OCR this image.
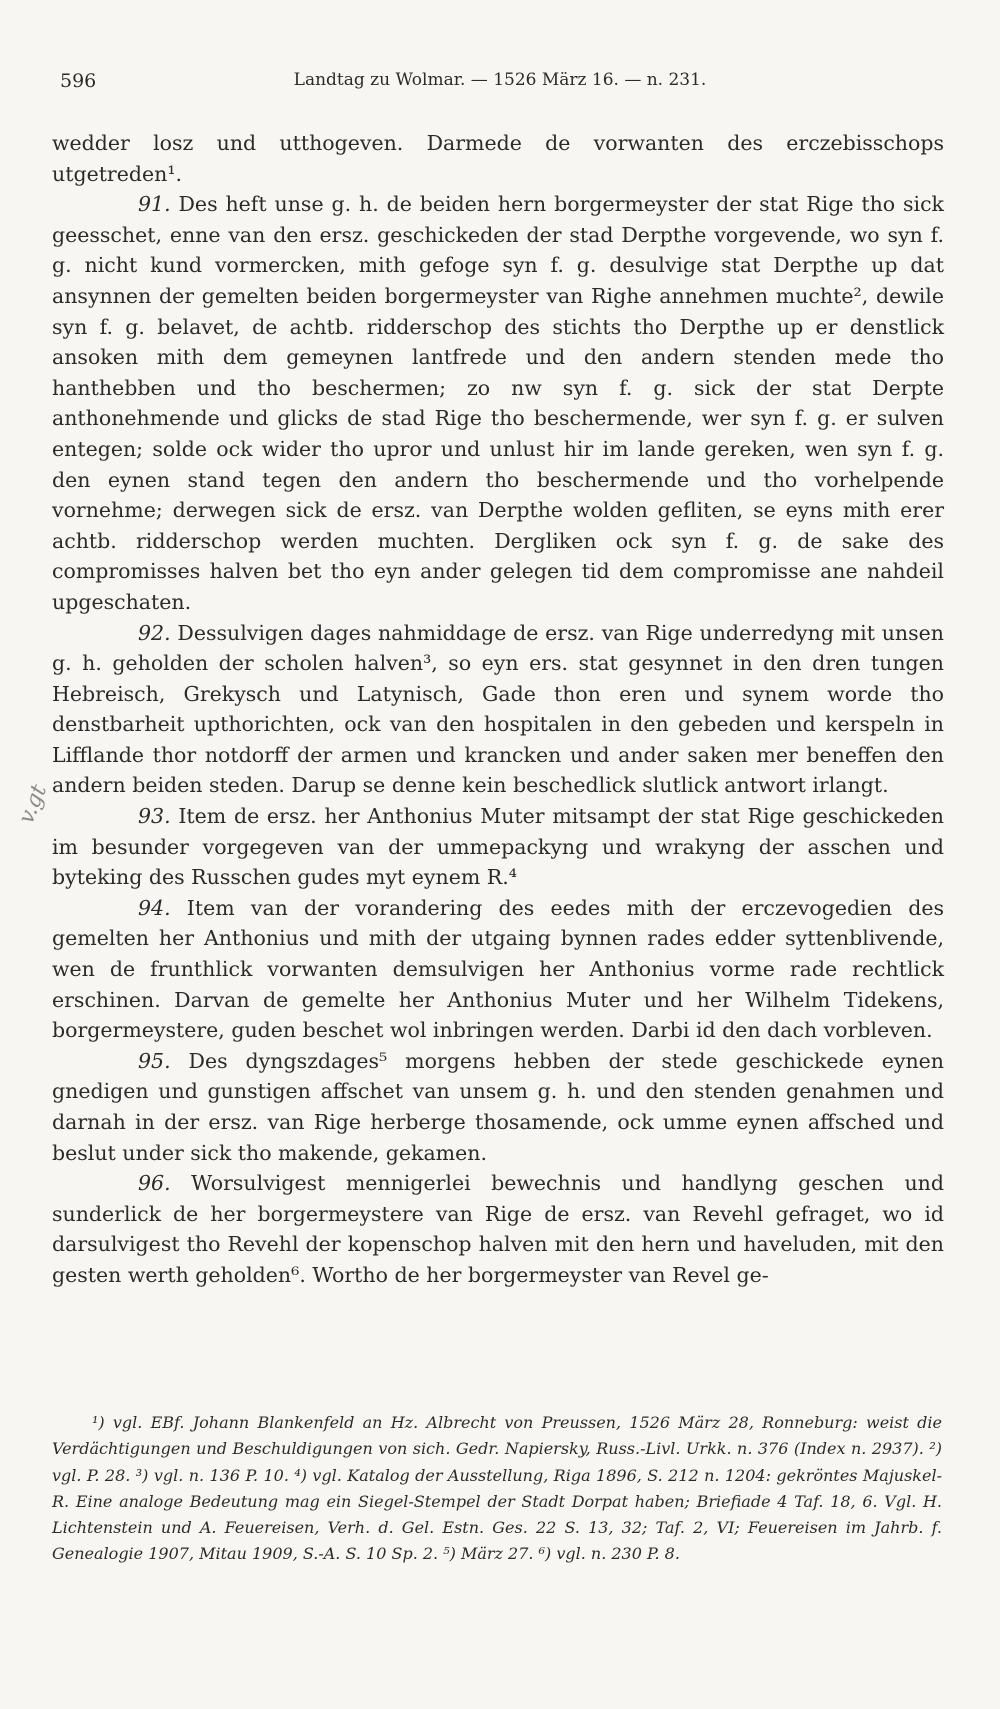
596	Landtag zu Wolmar. — 1526 März 16. — n. 231.
v.gt

wedder losz und utthogeven. Darmede de vorwanten des erczebisschops utgetreden¹.

91. Des heft unse g. h. de beiden hern borgermeyster der stat Rige tho sick geesschet, enne van den ersz. geschickeden der stad Derpthe vorgevende, wo syn f. g. nicht kund vormercken, mith gefoge syn f. g. desulvige stat Derpthe up dat ansynnen der gemelten beiden borgermeyster van Righe annehmen muchte², dewile syn f. g. belavet, de achtb. ridderschop des stichts tho Derpthe up er denstlick ansoken mith dem gemeynen lantfrede und den andern stenden mede tho hanthebben und tho beschermen; zo nw syn f. g. sick der stat Derpte anthonehmende und glicks de stad Rige tho beschermende, wer syn f. g. er sulven entegen; solde ock wider tho upror und unlust hir im lande gereken, wen syn f. g. den eynen stand tegen den andern tho beschermende und tho vorhelpende vornehme; derwegen sick de ersz. van Derpthe wolden gefliten, se eyns mith erer achtb. ridderschop werden muchten. Dergliken ock syn f. g. de sake des compromisses halven bet tho eyn ander gelegen tid dem compromisse ane nahdeil upgeschaten.

92. Dessulvigen dages nahmiddage de ersz. van Rige underredyng mit unsen g. h. geholden der scholen halven³, so eyn ers. stat gesynnet in den dren tungen Hebreisch, Grekysch und Latynisch, Gade thon eren und synem worde tho denstbarheit upthorichten, ock van den hospitalen in den gebeden und kerspeln in Lifflande thor notdorff der armen und krancken und ander saken mer beneffen den andern beiden steden. Darup se denne kein beschedlick slutlick antwort irlangt.

93. Item de ersz. her Anthonius Muter mitsampt der stat Rige geschickeden im besunder vorgegeven van der ummepackyng und wrakyng der asschen und byteking des Russchen gudes myt eynem R.⁴

94. Item van der vorandering des eedes mith der erczevogedien des gemelten her Anthonius und mith der utgaing bynnen rades edder syttenblivende, wen de frunthlick vorwanten demsulvigen her Anthonius vorme rade rechtlick erschinen. Darvan de gemelte her Anthonius Muter und her Wilhelm Tidekens, borgermeystere, guden beschet wol inbringen werden. Darbi id den dach vorbleven.

95. Des dyngszdages⁵ morgens hebben der stede geschickede eynen gnedigen und gunstigen affschet van unsem g. h. und den stenden genahmen und darnah in der ersz. van Rige herberge thosamende, ock umme eynen affsched und beslut under sick tho makende, gekamen.

96. Worsulvigest mennigerlei bewechnis und handlyng geschen und sunderlick de her borgermeystere van Rige de ersz. van Revehl gefraget, wo id darsulvigest tho Revehl der kopenschop halven mit den hern und haveluden, mit den gesten werth geholden⁶. Wortho de her borgermeyster van Revel ge-

¹) vgl. EBf. Johann Blankenfeld an Hz. Albrecht von Preussen, 1526 März 28, Ronneburg: weist die Verdächtigungen und Beschuldigungen von sich. Gedr. Napiersky, Russ.-Livl. Urkk. n. 376 (Index n. 2937). ²) vgl. P. 28. ³) vgl. n. 136 P. 10. ⁴) vgl. Katalog der Ausstellung, Riga 1896, S. 212 n. 1204: gekröntes Majuskel-R. Eine analoge Bedeutung mag ein Siegel-Stempel der Stadt Dorpat haben; Briefiade 4 Taf. 18, 6. Vgl. H. Lichtenstein und A. Feuereisen, Verh. d. Gel. Estn. Ges. 22 S. 13, 32; Taf. 2, VI; Feuereisen im Jahrb. f. Genealogie 1907, Mitau 1909, S.-A. S. 10 Sp. 2. ⁵) März 27. ⁶) vgl. n. 230 P. 8.
